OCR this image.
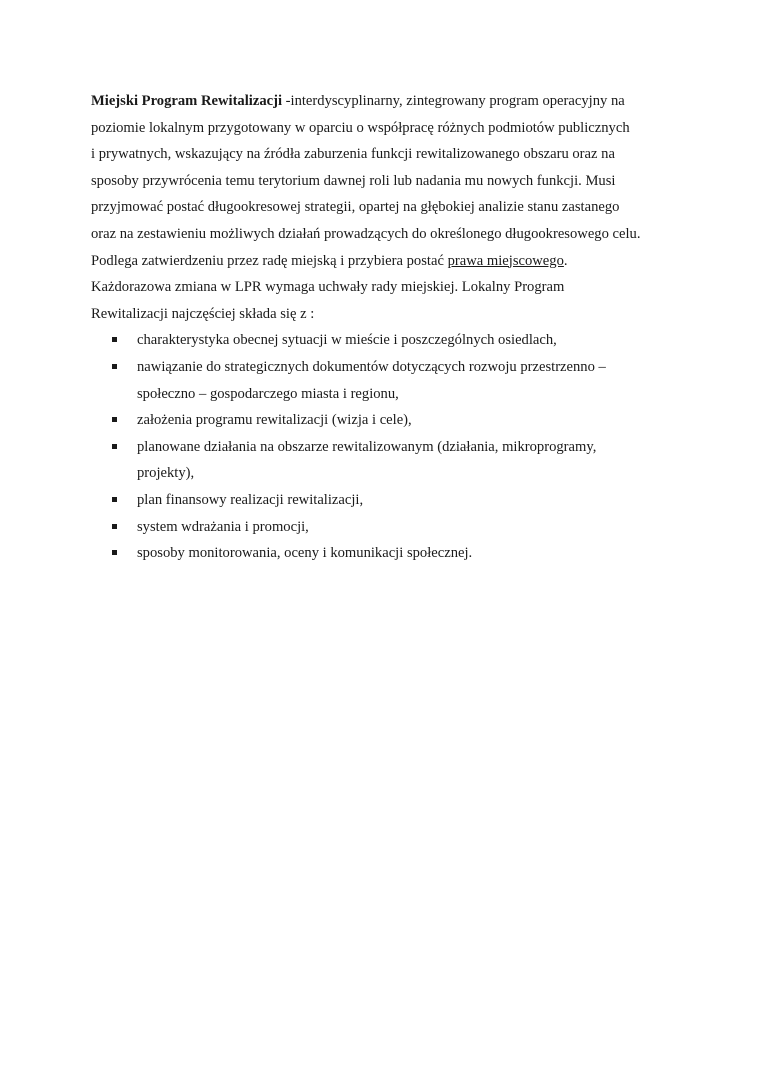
Miejski Program Rewitalizacji -interdyscyplinarny, zintegrowany program operacyjny na
poziomie lokalnym przygotowany w oparciu o współpracę różnych podmiotów publicznych
i prywatnych, wskazujący na źródła zaburzenia funkcji rewitalizowanego obszaru oraz na
sposoby przywrócenia temu terytorium dawnej roli lub nadania mu nowych funkcji. Musi
przyjmować postać długookresowej strategii, opartej na głębokiej analizie stanu zastanego
oraz na zestawieniu możliwych działań prowadzących do określonego długookresowego celu.
Podlega zatwierdzeniu przez radę miejską i przybiera postać prawa miejscowego.
Każdorazowa zmiana w LPR wymaga uchwały rady miejskiej. Lokalny Program
Rewitalizacji najczęściej składa się z :

charakterystyka obecnej sytuacji w mieście i poszczególnych osiedlach,
nawiązanie do strategicznych dokumentów dotyczących rozwoju przestrzenno –
społeczno – gospodarczego miasta i regionu,
założenia programu rewitalizacji (wizja i cele),
planowane działania na obszarze rewitalizowanym (działania, mikroprogramy,
projekty),
plan finansowy realizacji rewitalizacji,
system wdrażania i promocji,
sposoby monitorowania, oceny i komunikacji społecznej.
